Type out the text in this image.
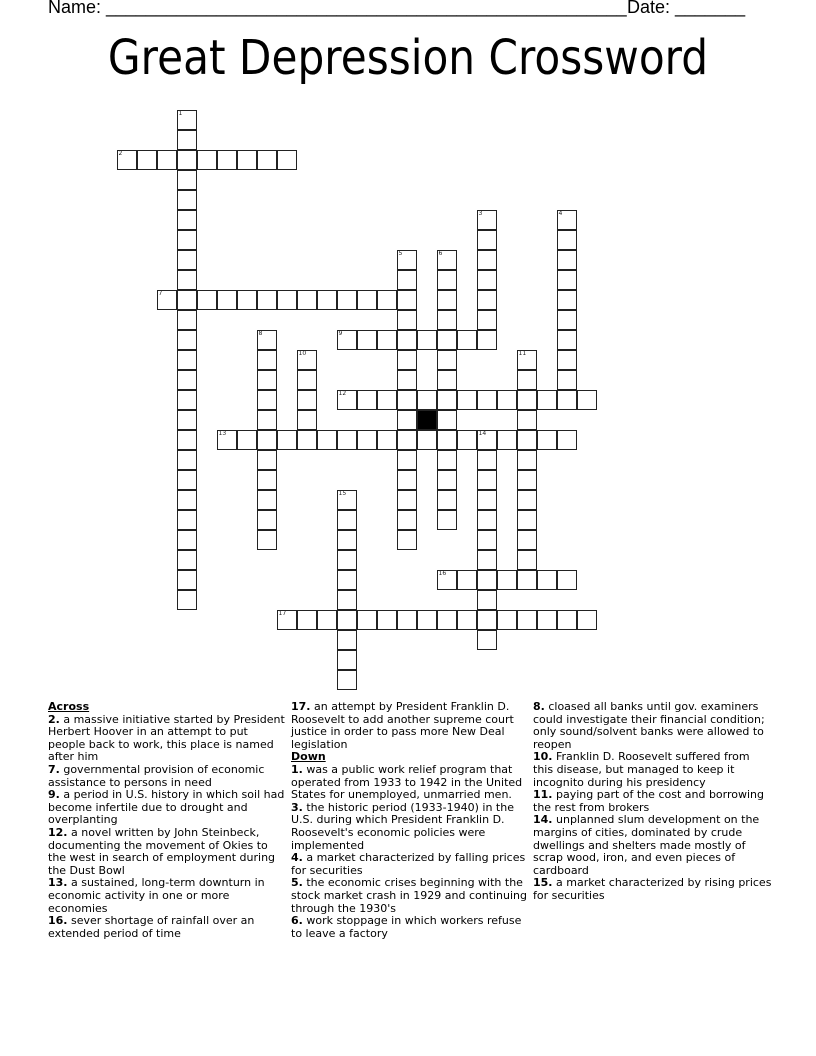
Name: ____________________________________________________ Date: _______
Great Depression Crossword
1
2
3	4
5	6
7
8	9
10	11
12
13	14
15
16
17
Across

2. a massive initiative started by President Herbert Hoover in an attempt to put people back to work, this place is named after him

7. governmental provision of economic assistance to persons in need

9. a period in U.S. history in which soil had become infertile due to drought and overplanting

12. a novel written by John Steinbeck, documenting the movement of Okies to the west in search of employment during the Dust Bowl

13. a sustained, long-term downturn in economic activity in one or more economies

16. sever shortage of rainfall over an extended period of time

17. an attempt by President Franklin D. Roosevelt to add another supreme court justice in order to pass more New Deal legislation

Down

1. was a public work relief program that operated from 1933 to 1942 in the United States for unemployed, unmarried men.

3. the historic period (1933-1940) in the U.S. during which President Franklin D. Roosevelt's economic policies were implemented

4. a market characterized by falling prices for securities

5. the economic crises beginning with the stock market crash in 1929 and continuing through the 1930's

6. work stoppage in which workers refuse to leave a factory

8. cloased all banks until gov. examiners could investigate their financial condition; only sound/solvent banks were allowed to reopen

10. Franklin D. Roosevelt suffered from this disease, but managed to keep it incognito during his presidency

11. paying part of the cost and borrowing the rest from brokers

14. unplanned slum development on the margins of cities, dominated by crude dwellings and shelters made mostly of scrap wood, iron, and even pieces of cardboard

15. a market characterized by rising prices for securities
